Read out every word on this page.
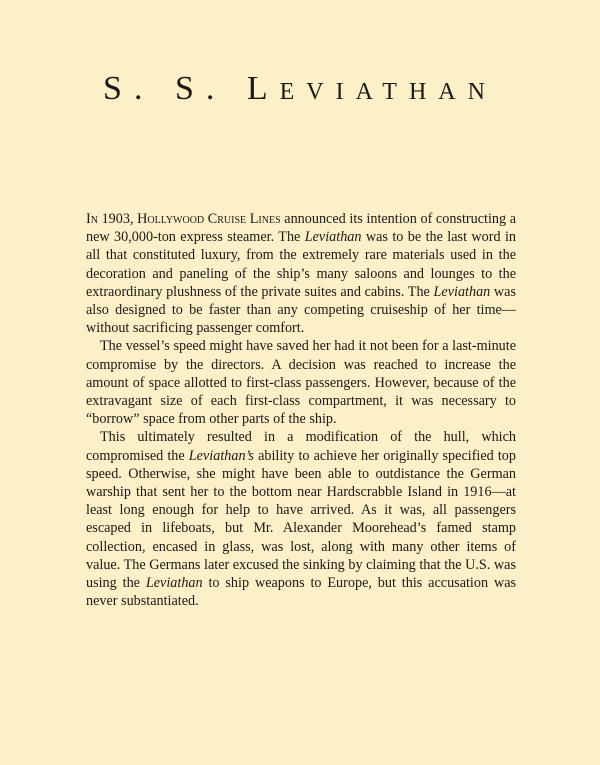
S. S. Leviathan

In 1903, Hollywood Cruise Lines announced its intention of constructing a new 30,000-ton express steamer. The Leviathan was to be the last word in all that constituted luxury, from the extremely rare materials used in the decoration and paneling of the ship’s many saloons and lounges to the extraordinary plushness of the private suites and cabins. The Leviathan was also designed to be faster than any competing cruiseship of her time—without sacrificing passenger comfort.

The vessel’s speed might have saved her had it not been for a last-minute compromise by the directors. A decision was reached to increase the amount of space allotted to first-class passengers. However, because of the extravagant size of each first-class compartment, it was necessary to “borrow” space from other parts of the ship.

This ultimately resulted in a modification of the hull, which compromised the Leviathan’s ability to achieve her originally specified top speed. Otherwise, she might have been able to outdistance the German warship that sent her to the bottom near Hardscrabble Island in 1916—at least long enough for help to have arrived. As it was, all passengers escaped in lifeboats, but Mr. Alexander Moorehead’s famed stamp collection, encased in glass, was lost, along with many other items of value. The Germans later excused the sinking by claiming that the U.S. was using the Leviathan to ship weapons to Europe, but this accusation was never substantiated.
